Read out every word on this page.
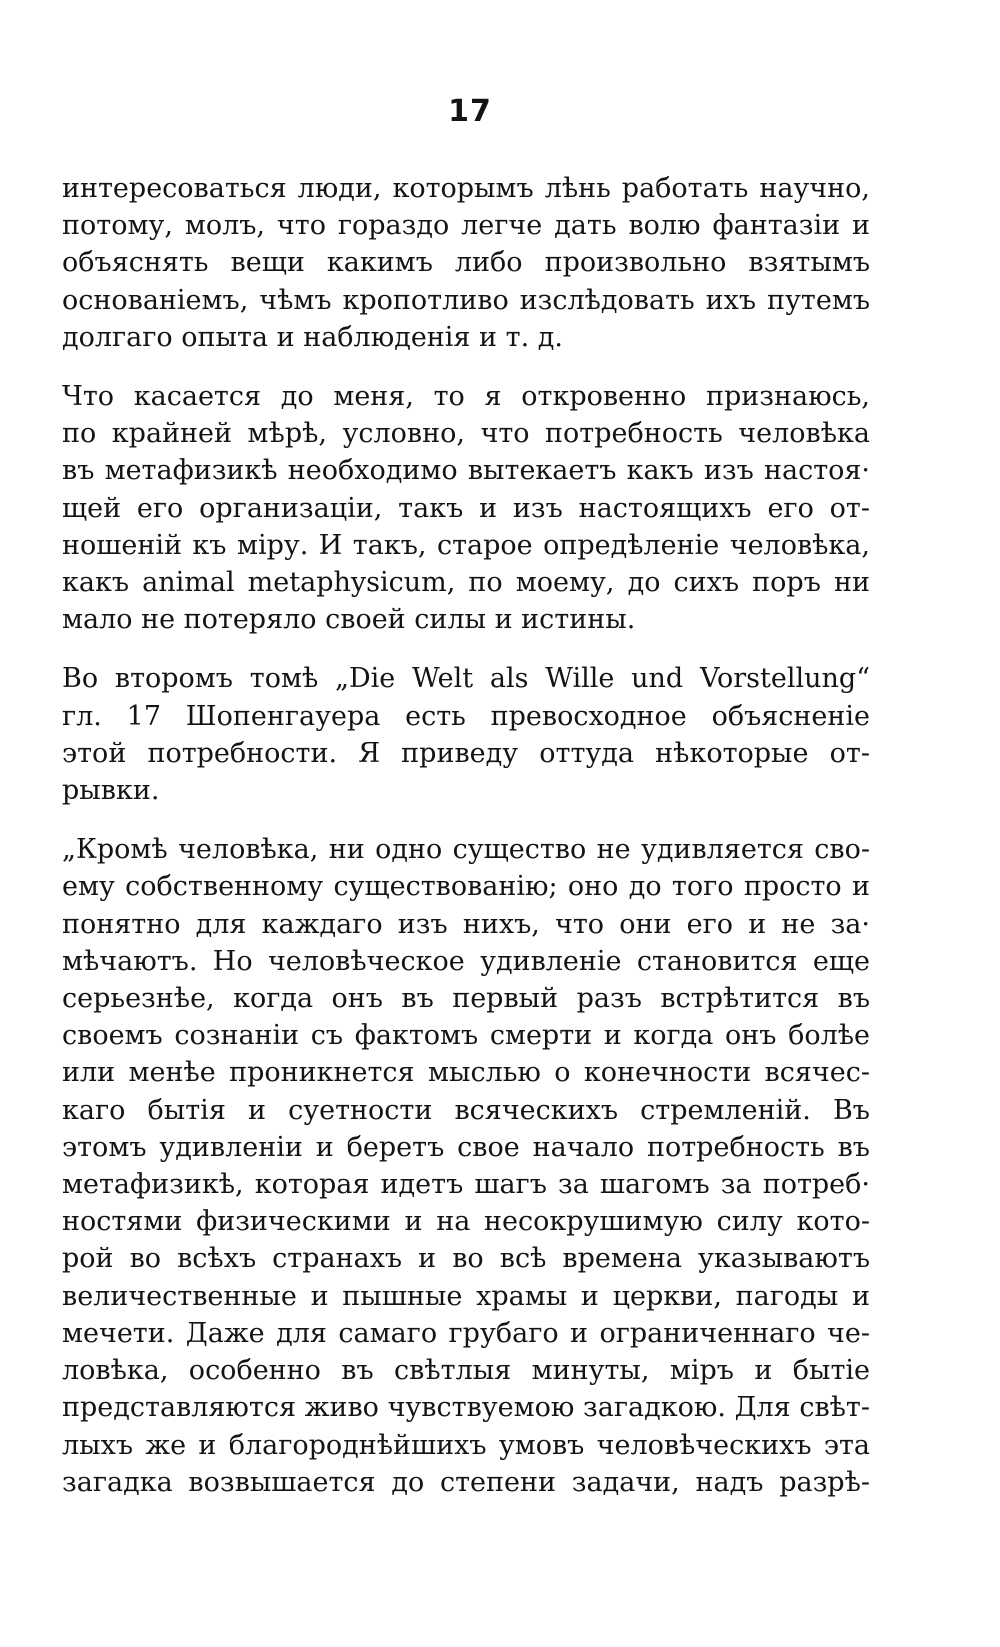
17

интересоваться люди, которымъ лѣнь работать научно,
потому, молъ, что гораздо легче дать волю фантазіи и
объяснять вещи какимъ либо произвольно взятымъ
основаніемъ, чѣмъ кропотливо изслѣдовать ихъ путемъ
долгаго опыта и наблюденія и т. д.

Что касается до меня, то я откровенно признаюсь,
по крайней мѣрѣ, условно, что потребность человѣка
въ метафизикѣ необходимо вытекаетъ какъ изъ настоя·
щей его организаціи, такъ и изъ настоящихъ его от-
ношеній къ міру. И такъ, старое опредѣленіе человѣка,
какъ animal metaphysicum, по моему, до сихъ поръ ни
мало не потеряло своей силы и истины.

Во второмъ томѣ „Die Welt als Wille und Vorstellung“
гл. 17 Шопенгауера есть превосходное объясненіе
этой потребности. Я приведу оттуда нѣкоторые от-
рывки.

„Кромѣ человѣка, ни одно существо не удивляется сво-
ему собственному существованію; оно до того просто и
понятно для каждаго изъ нихъ, что они его и не за·
мѣчаютъ. Но человѣческое удивленіе становится еще
серьезнѣе, когда онъ въ первый разъ встрѣтится въ
своемъ сознаніи съ фактомъ смерти и когда онъ болѣе
или менѣе проникнется мыслью о конечности всячес-
каго бытія и суетности всяческихъ стремленій. Въ
этомъ удивленіи и беретъ свое начало потребность въ
метафизикѣ, которая идетъ шагъ за шагомъ за потреб·
ностями физическими и на несокрушимую силу кото-
рой во всѣхъ странахъ и во всѣ времена указываютъ
величественные и пышные храмы и церкви, пагоды и
мечети. Даже для самаго грубаго и ограниченнаго че-
ловѣка, особенно въ свѣтлыя минуты, міръ и бытіе
представляются живо чувствуемою загадкою. Для свѣт-
лыхъ же и благороднѣйшихъ умовъ человѣческихъ эта
загадка возвышается до степени задачи, надъ разрѣ-
